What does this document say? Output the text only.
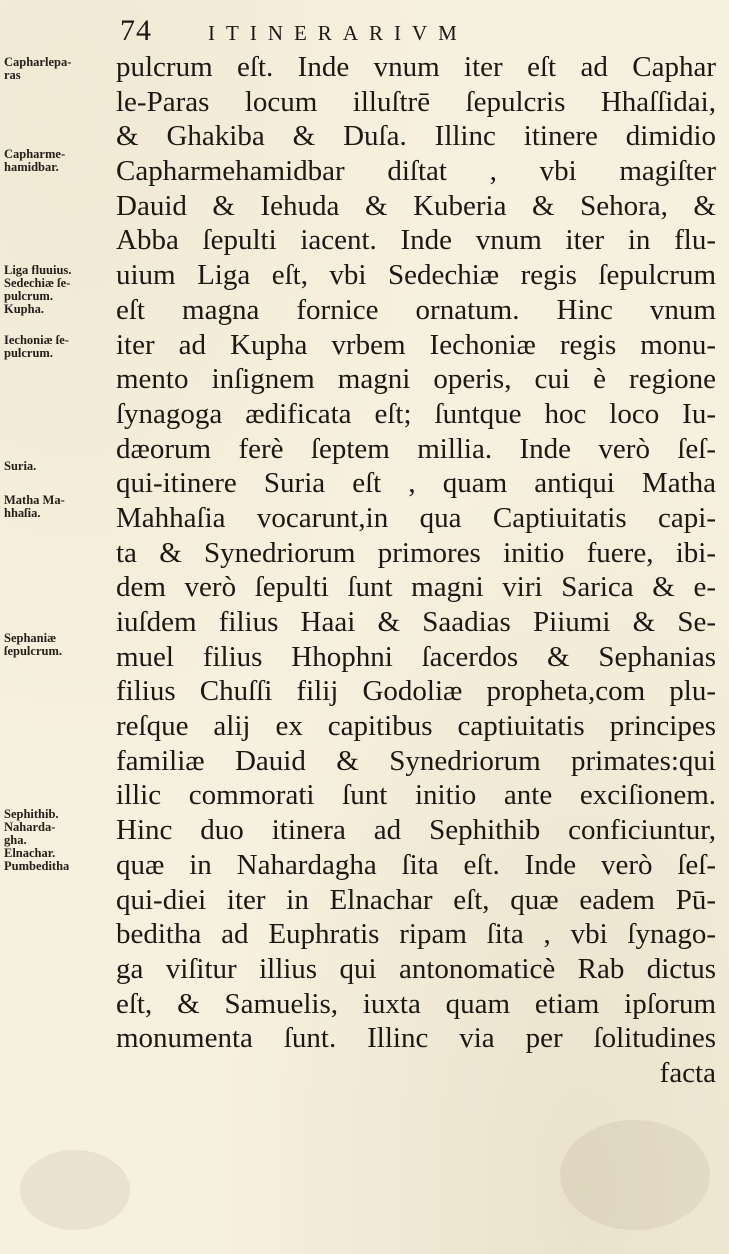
74	ITINERARIVM
Capharlepa-
ras
Capharme-
hamidbar.
Liga fluuius.
Sedechiæ ſe-
pulcrum.
Kupha.
Iechoniæ ſe-
pulcrum.
Suria.
Matha Ma-
hhaſia.
Sephaniæ
ſepulcrum.
Sephithib.
Naharda-
gha.
Elnachar.
Pumbeditha
pulcrum eſt. Inde vnum iter eſt ad Caphar
le-Paras locum illuſtrē ſepulcris Hhaſſidai,
& Ghakiba & Duſa. Illinc itinere dimidio
Capharmehamidbar diſtat , vbi magiſter
Dauid & Iehuda & Kuberia & Sehora, &
Abba ſepulti iacent. Inde vnum iter in flu-
uium Liga eſt, vbi Sedechiæ regis ſepulcrum
eſt magna fornice ornatum. Hinc vnum
iter ad Kupha vrbem Iechoniæ regis monu-
mento inſignem magni operis, cui è regione
ſynagoga ædificata eſt; ſuntque hoc loco Iu-
dæorum ferè ſeptem millia. Inde verò ſeſ-
qui-itinere Suria eſt , quam antiqui Matha
Mahhaſia vocarunt,in qua Captiuitatis capi-
ta & Synedriorum primores initio fuere, ibi-
dem verò ſepulti ſunt magni viri Sarica & e-
iuſdem filius Haai & Saadias Piiumi & Se-
muel filius Hhophni ſacerdos & Sephanias
filius Chuſſi filij Godoliæ propheta,com plu-
reſque alij ex capitibus captiuitatis principes
familiæ Dauid & Synedriorum primates:qui
illic commorati ſunt initio ante exciſionem.
Hinc duo itinera ad Sephithib conficiuntur,
quæ in Nahardagha ſita eſt. Inde verò ſeſ-
qui-diei iter in Elnachar eſt, quæ eadem Pū-
beditha ad Euphratis ripam ſita , vbi ſynago-
ga viſitur illius qui antonomaticè Rab dictus
eſt, & Samuelis, iuxta quam etiam ipſorum
monumenta ſunt. Illinc via per ſolitudines
facta
